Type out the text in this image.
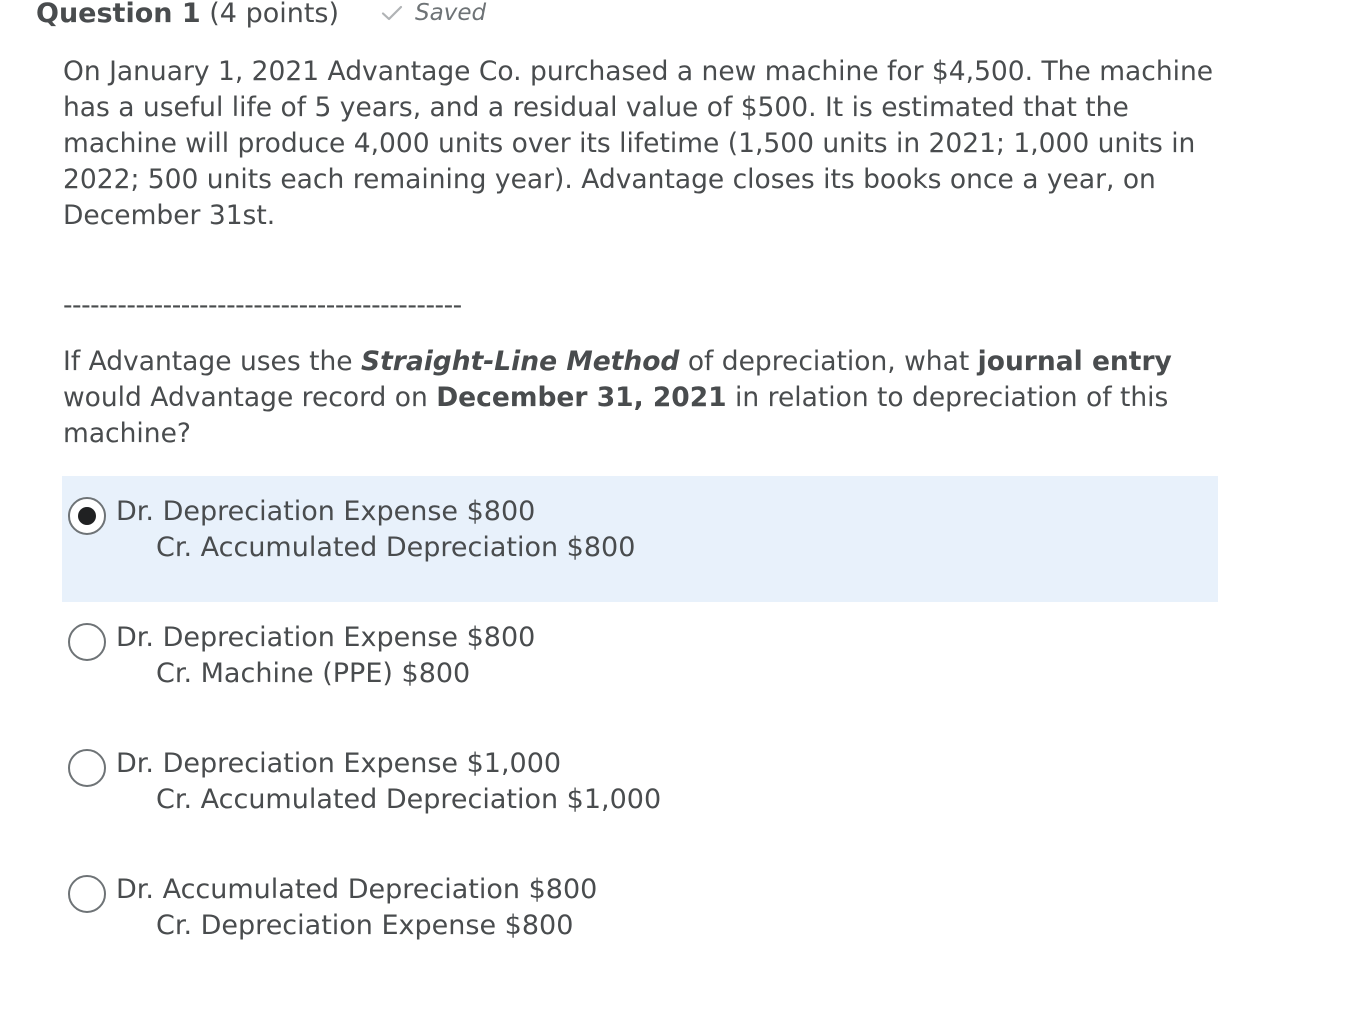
Question 1 (4 points)	Saved

On January 1, 2021 Advantage Co. purchased a new machine for $4,500. The machine has a useful life of 5 years, and a residual value of $500. It is estimated that the machine will produce 4,000 units over its lifetime (1,500 units in 2021; 1,000 units in 2022; 500 units each remaining year). Advantage closes its books once a year, on December 31st.

--------------------------------------------

If Advantage uses the Straight-Line Method of depreciation, what journal entry would Advantage record on December 31, 2021 in relation to depreciation of this machine?

Dr. Depreciation Expense $800
Cr. Accumulated Depreciation $800
Dr. Depreciation Expense $800
Cr. Machine (PPE) $800
Dr. Depreciation Expense $1,000
Cr. Accumulated Depreciation $1,000
Dr. Accumulated Depreciation $800
Cr. Depreciation Expense $800
